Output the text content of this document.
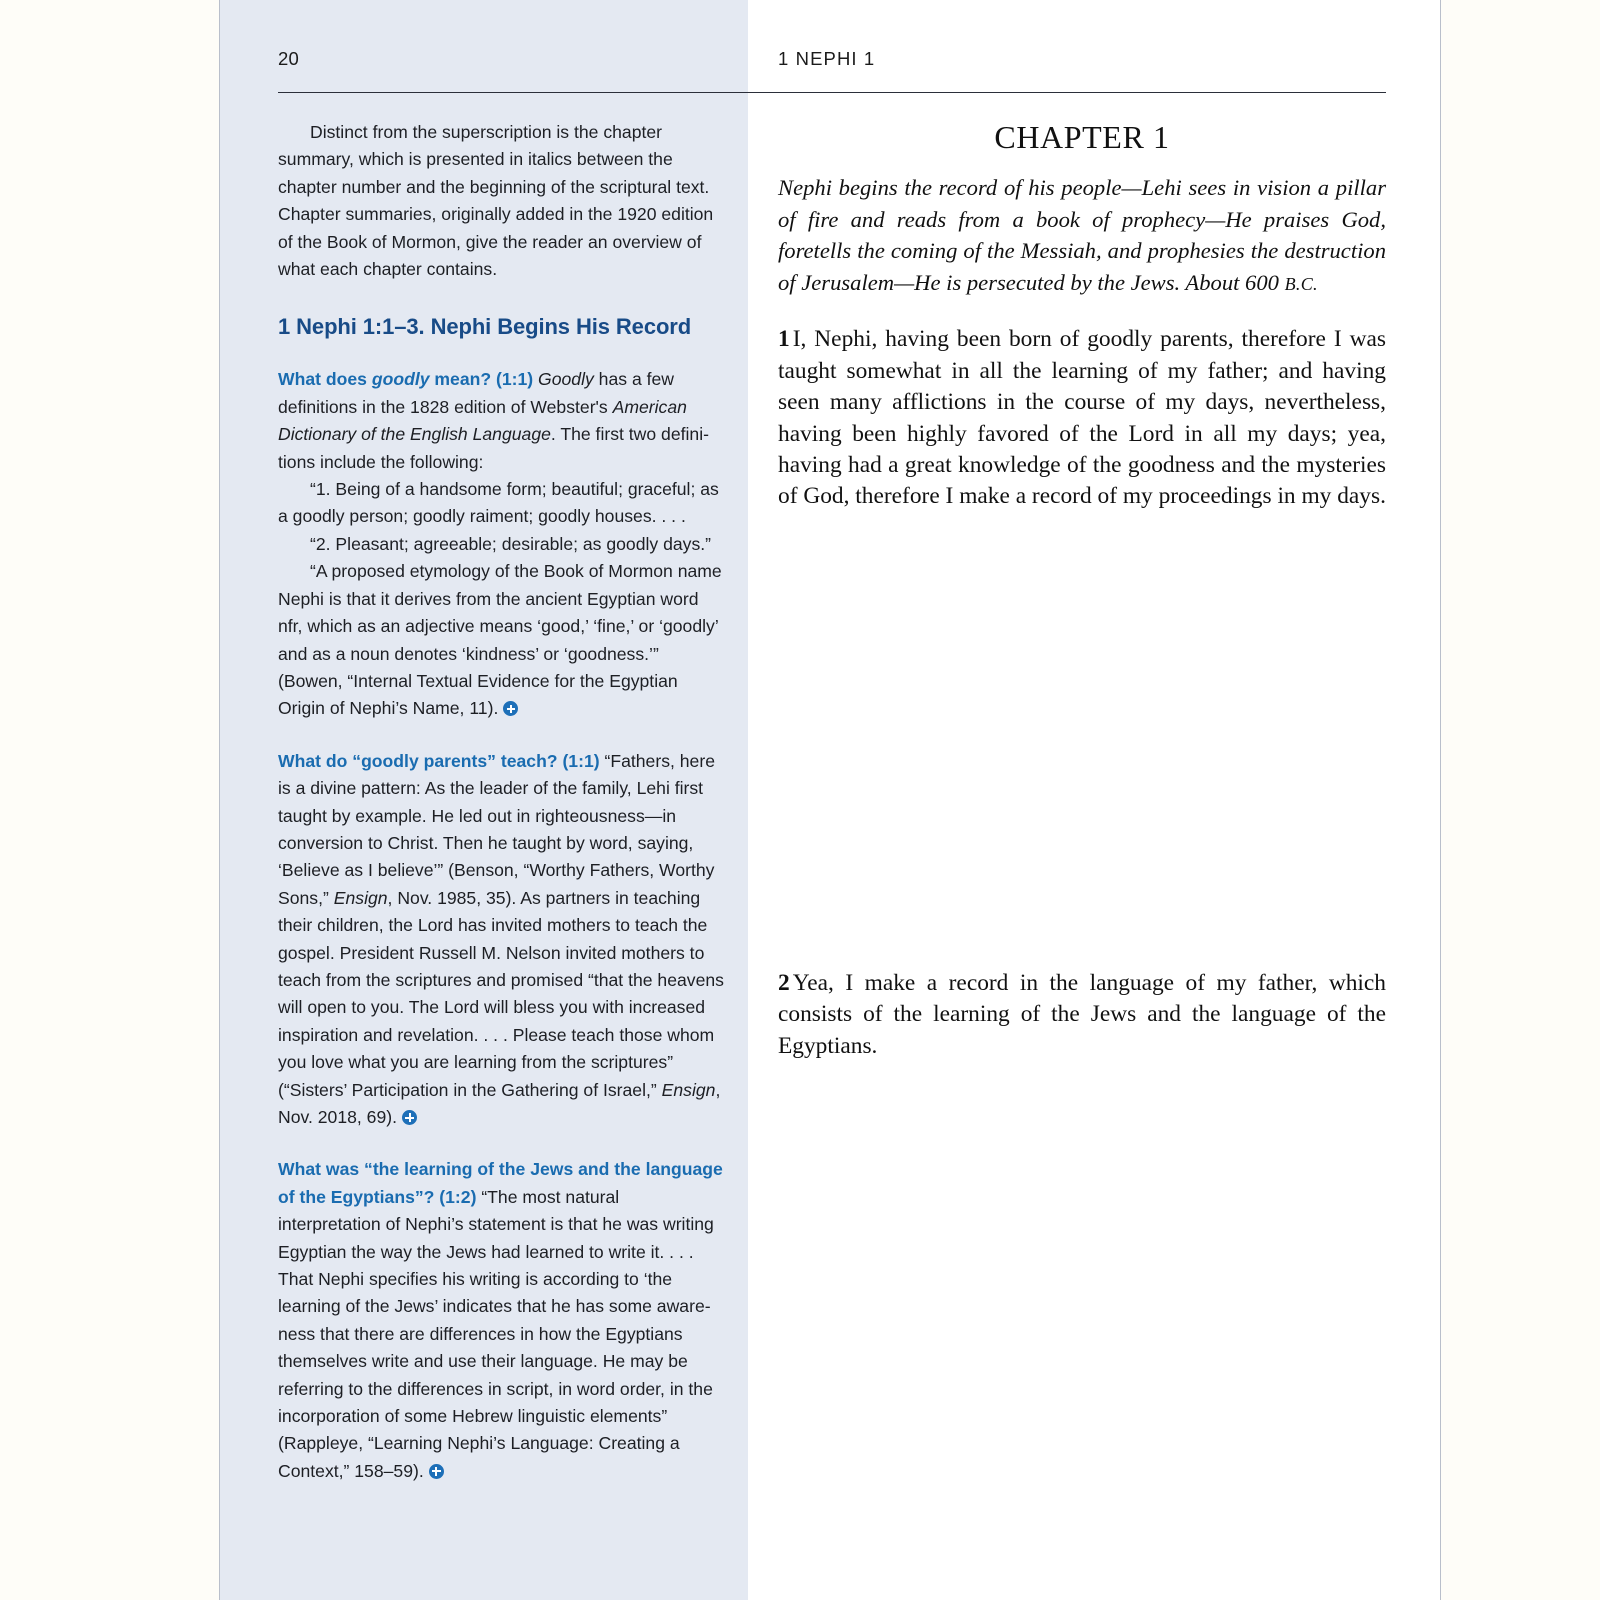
20

Distinct from the superscription is the chapter summary, which is presented in italics between the chapter number and the beginning of the scriptural text. Chapter summaries, originally added in the 1920 edition of the Book of Mormon, give the reader an overview of what each chapter contains.

1 Nephi 1:1–3. Nephi Begins His Record

What does goodly mean? (1:1) Goodly has a few definitions in the 1828 edition of Webster's American Dictionary of the English Language. The first two definitions include the following:

“1. Being of a handsome form; beautiful; graceful; as a goodly person; goodly raiment; goodly houses. . . .

“2. Pleasant; agreeable; desirable; as goodly days.”

“A proposed etymology of the Book of Mormon name Nephi is that it derives from the ancient Egyptian word nfr, which as an adjective means ‘good,’ ‘fine,’ or ‘goodly’ and as a noun denotes ‘kindness’ or ‘goodness.’” (Bowen, “Internal Textual Evidence for the Egyptian Origin of Nephi’s Name, 11).

What do “goodly parents” teach? (1:1) “Fathers, here is a divine pattern: As the leader of the family, Lehi first taught by example. He led out in righteousness—in conversion to Christ. Then he taught by word, saying, ‘Believe as I believe’” (Benson, “Worthy Fathers, Worthy Sons,” Ensign, Nov. 1985, 35). As partners in teaching their children, the Lord has invited mothers to teach the gospel. President Russell M. Nelson invited mothers to teach from the scriptures and promised “that the heavens will open to you. The Lord will bless you with increased inspiration and revelation. . . . Please teach those whom you love what you are learning from the scriptures” (“Sisters’ Participation in the Gathering of Israel,” Ensign, Nov. 2018, 69).

What was “the learning of the Jews and the language of the Egyptians”? (1:2) “The most natural interpretation of Nephi’s statement is that he was writing Egyptian the way the Jews had learned to write it. . . . That Nephi specifies his writing is according to ‘the learning of the Jews’ indicates that he has some awareness that there are differences in how the Egyptians themselves write and use their language. He may be referring to the differences in script, in word order, in the incorporation of some Hebrew linguistic elements” (Rappleye, “Learning Nephi’s Language: Creating a Context,” 158–59).

1 NEPHI 1
CHAPTER 1

Nephi begins the record of his people—Lehi sees in vision a pillar of fire and reads from a book of prophecy—He praises God, foretells the coming of the Messiah, and prophesies the destruction of Jerusalem—He is persecuted by the Jews. About 600 B.C.

1 I, Nephi, having been born of goodly parents, therefore I was taught somewhat in all the learning of my father; and having seen many afflictions in the course of my days, nevertheless, having been highly favored of the Lord in all my days; yea, having had a great knowledge of the goodness and the mysteries of God, therefore I make a record of my proceedings in my days.

2 Yea, I make a record in the language of my father, which consists of the learning of the Jews and the language of the Egyptians.
